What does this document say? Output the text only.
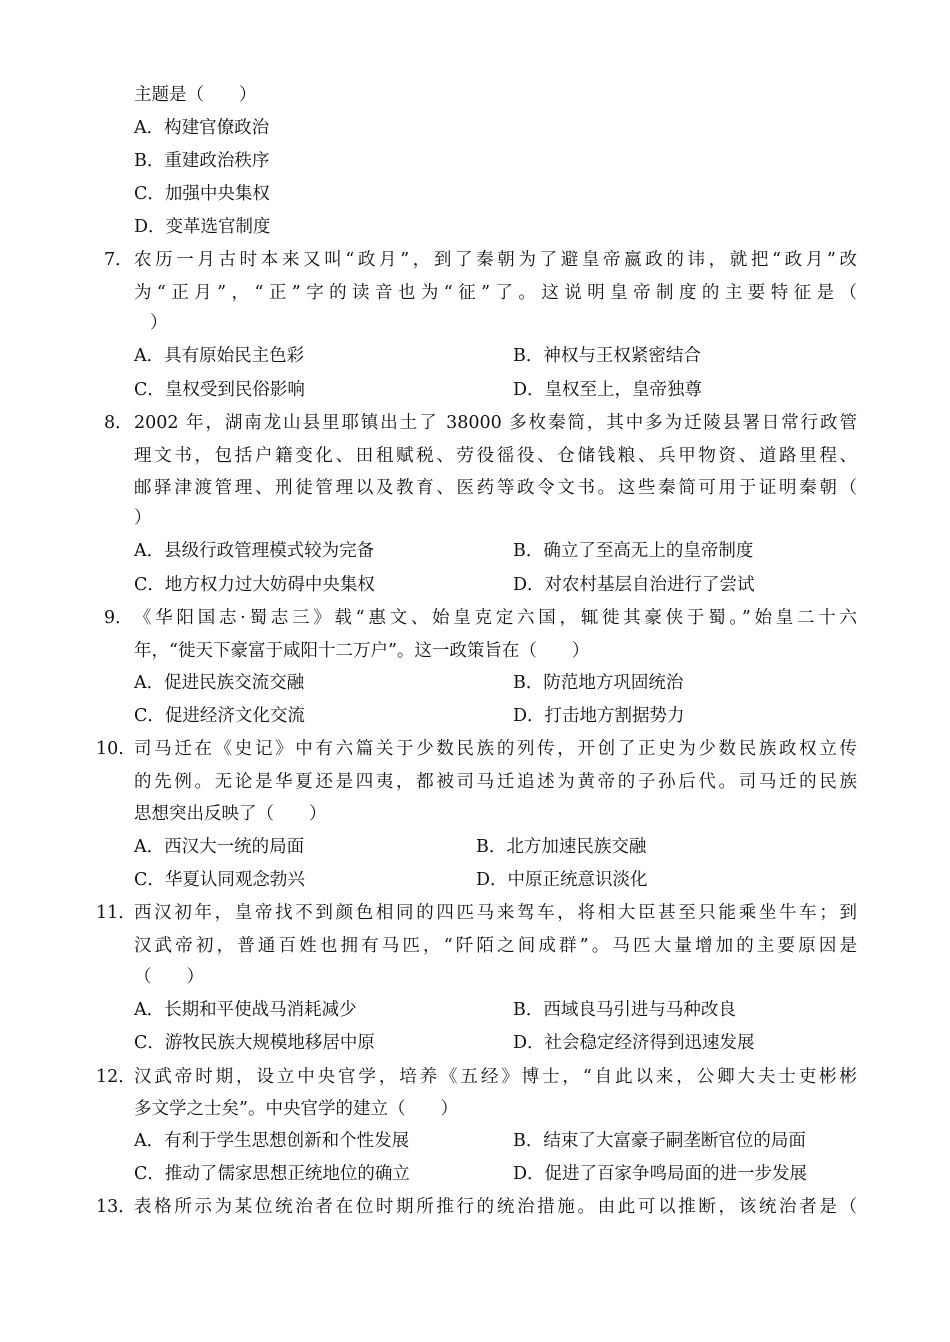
主题是（　　）
A．构建官僚政治
B．重建政治秩序
C．加强中央集权
D．变革选官制度
7． 农历一月古时本来又叫“政月”，到了秦朝为了避皇帝嬴政的讳，就把“政月”改
为“正月”，“正”字的读音也为“征”了。这说明皇帝制度的主要特征是（
）
A．具有原始民主色彩	B．神权与王权紧密结合
C．皇权受到民俗影响	D．皇权至上，皇帝独尊
8． 2002 年，湖南龙山县里耶镇出土了 38000 多枚秦简，其中多为迁陵县署日常行政管
理文书，包括户籍变化、田租赋税、劳役徭役、仓储钱粮、兵甲物资、道路里程、
邮驿津渡管理、刑徒管理以及教育、医药等政令文书。这些秦简可用于证明秦朝（
）
A．县级行政管理模式较为完备	B．确立了至高无上的皇帝制度
C．地方权力过大妨碍中央集权	D．对农村基层自治进行了尝试
9． 《华阳国志·蜀志三》载“惠文、始皇克定六国，辄徙其豪侠于蜀。”始皇二十六
年，“徙天下豪富于咸阳十二万户”。这一政策旨在（　　）
A．促进民族交流交融	B．防范地方巩固统治
C．促进经济文化交流	D．打击地方割据势力
10. 司马迁在《史记》中有六篇关于少数民族的列传，开创了正史为少数民族政权立传
的先例。无论是华夏还是四夷，都被司马迁追述为黄帝的子孙后代。司马迁的民族
思想突出反映了（　　）
A．西汉大一统的局面	B．北方加速民族交融
C．华夏认同观念勃兴	D．中原正统意识淡化
11．
西汉初年，皇帝找不到颜色相同的四匹马来驾车，将相大臣甚至只能乘坐牛车；到
汉武帝初，普通百姓也拥有马匹，“阡陌之间成群”。马匹大量增加的主要原因是
（　　）
A．长期和平使战马消耗减少	B．西域良马引进与马种改良
C．游牧民族大规模地移居中原	D．社会稳定经济得到迅速发展
12．
汉武帝时期，设立中央官学，培养《五经》博士，“自此以来，公卿大夫士吏彬彬
多文学之士矣”。中央官学的建立（　　）
A．有利于学生思想创新和个性发展	B．结束了大富豪子嗣垄断官位的局面
C．推动了儒家思想正统地位的确立	D．促进了百家争鸣局面的进一步发展
13．
表格所示为某位统治者在位时期所推行的统治措施。由此可以推断，该统治者是（
